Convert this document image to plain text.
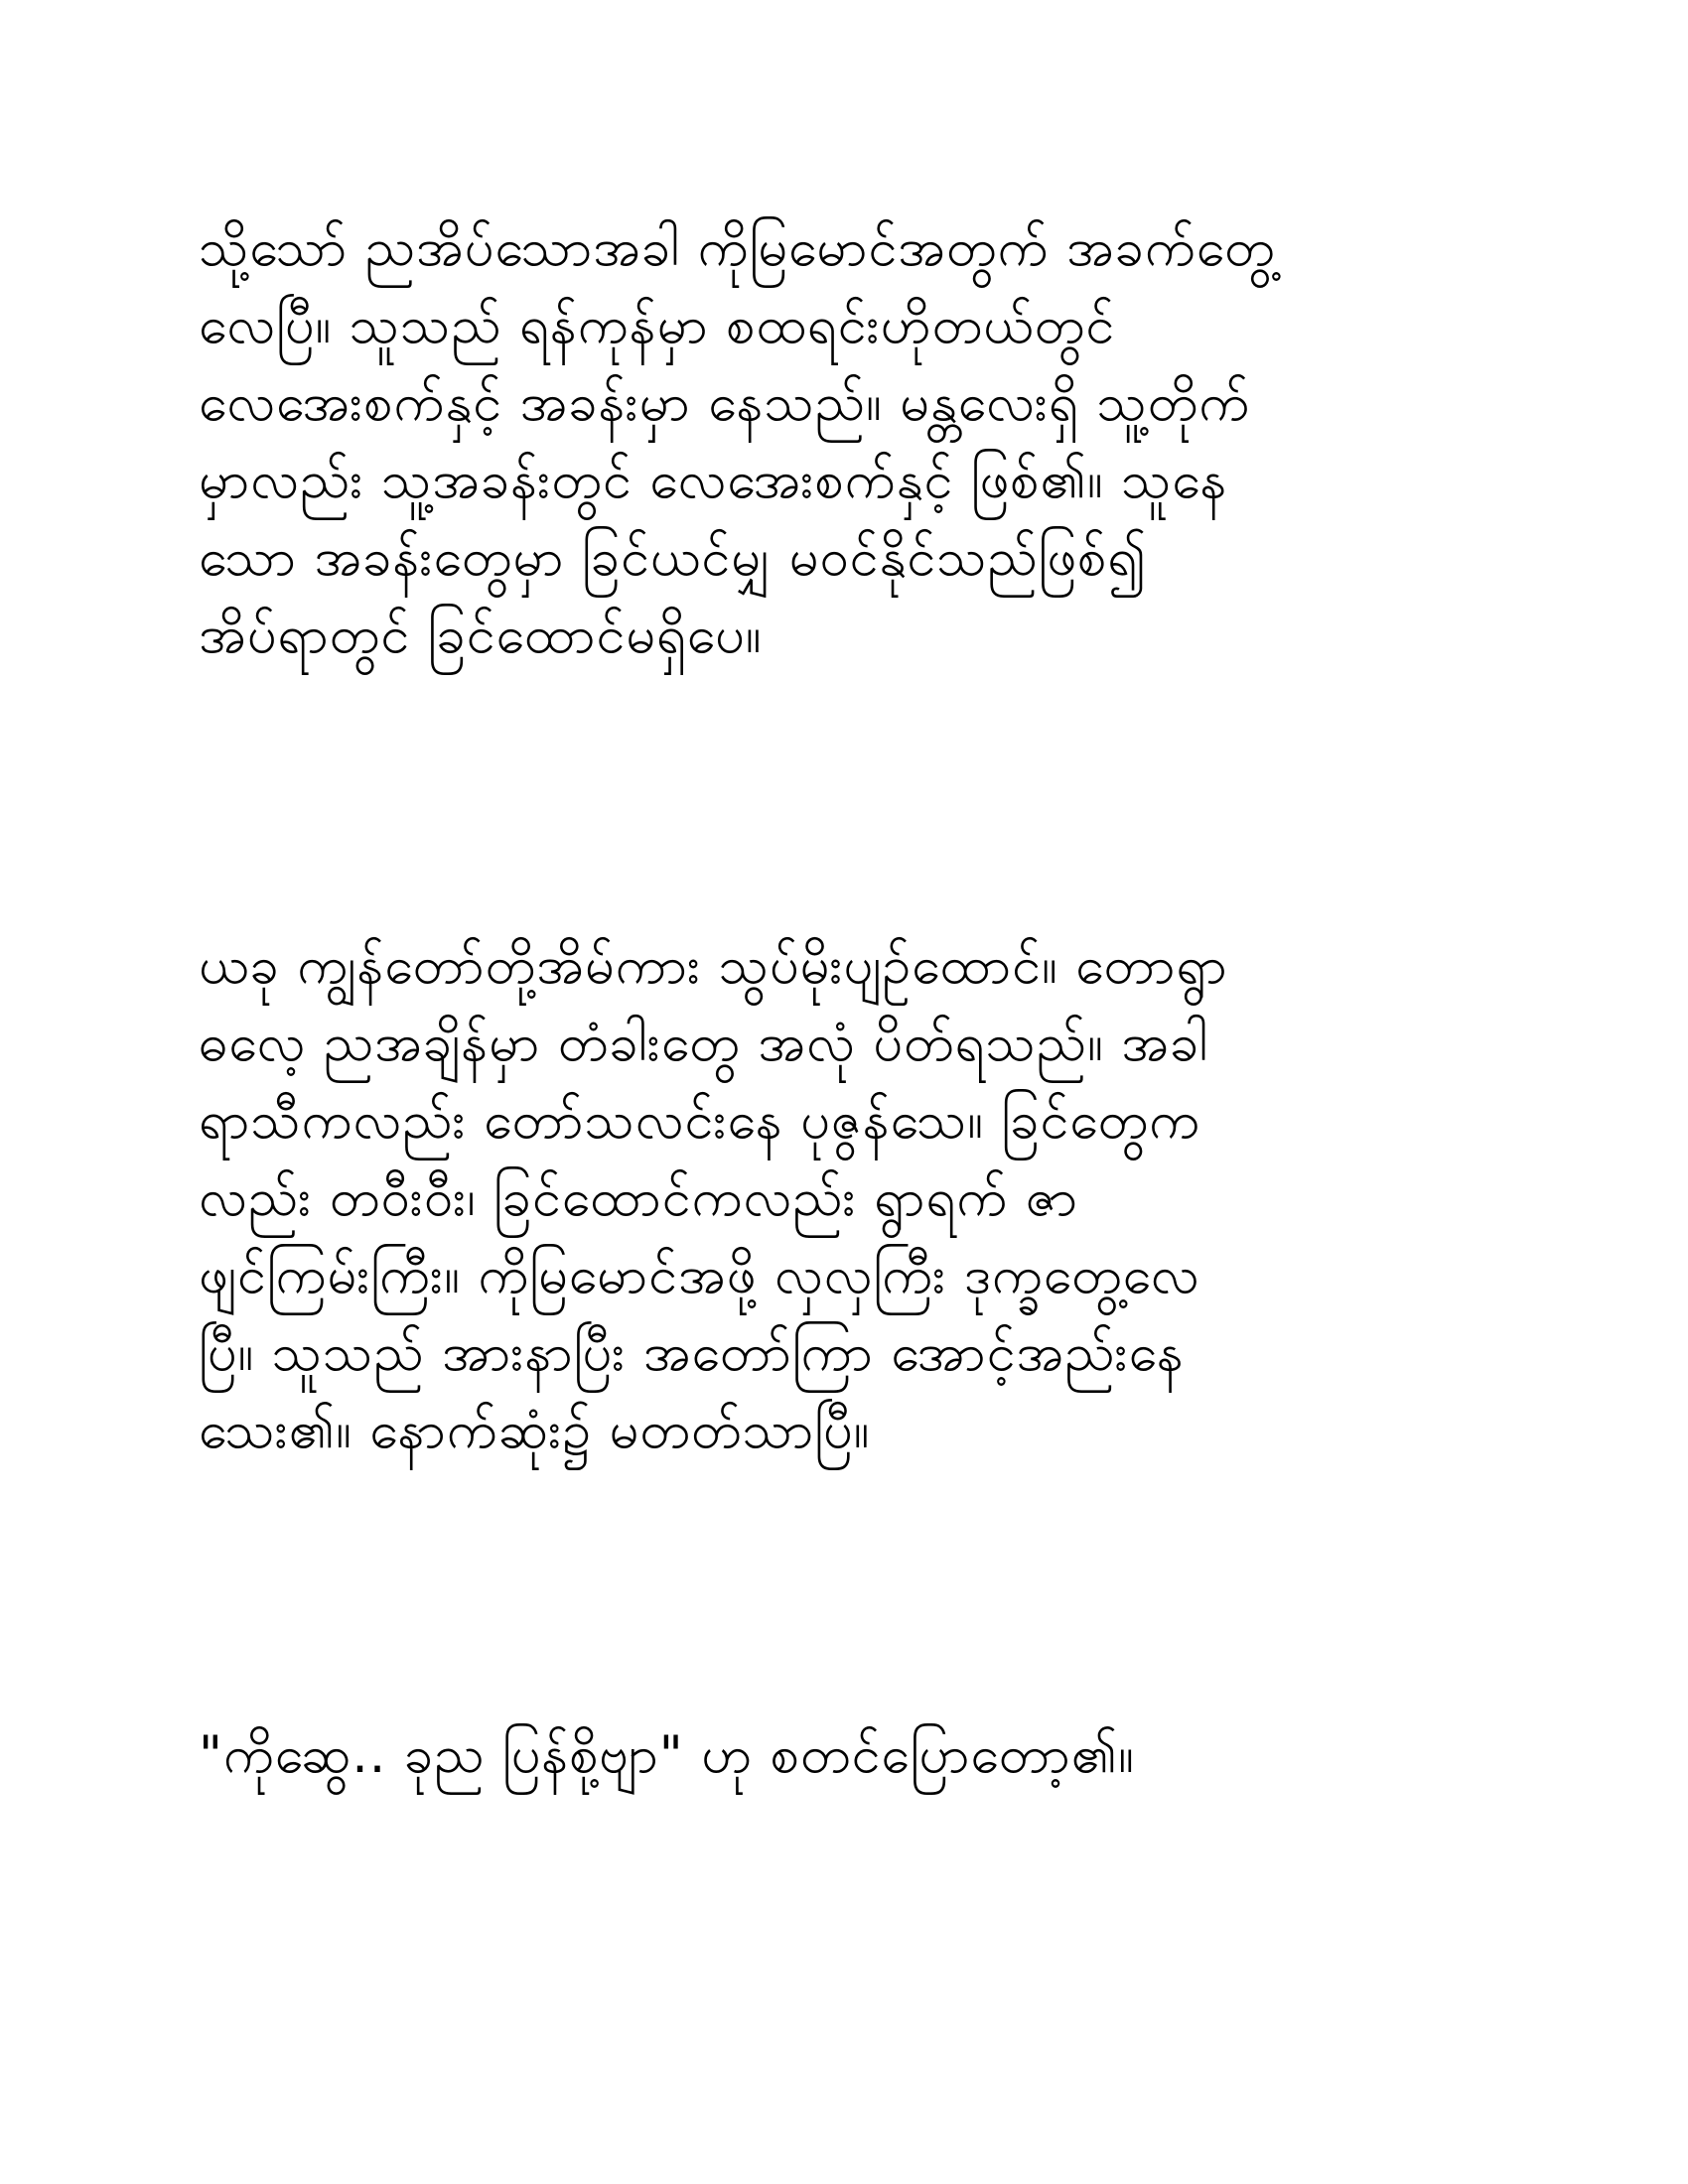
သို့သော် ညအိပ်သောအခါ ကိုမြမောင်အတွက် အခက်တွေ့
လေပြီ။ သူသည် ရန်ကုန်မှာ စထရင်းဟိုတယ်တွင်
လေအေးစက်နှင့် အခန်းမှာ နေသည်။ မန္တလေးရှိ သူ့တိုက်
မှာလည်း သူ့အခန်းတွင် လေအေးစက်နှင့် ဖြစ်၏။ သူနေ
သော အခန်းတွေမှာ ခြင်ယင်မျှ မဝင်နိုင်သည်ဖြစ်၍
အိပ်ရာတွင် ခြင်ထောင်မရှိပေ။
ယခု ကျွန်တော်တို့အိမ်ကား သွပ်မိုးပျဉ်ထောင်။ တောရွာ
ဓလေ့ ညအချိန်မှာ တံခါးတွေ အလုံ ပိတ်ရသည်။ အခါ
ရာသီကလည်း တော်သလင်းနေ ပုဇွန်သေ။ ခြင်တွေက
လည်း တဝီးဝီး၊ ခြင်ထောင်ကလည်း ရွာရက် ဇာ
ဖျင်ကြမ်းကြီး။ ကိုမြမောင်အဖို့ လှလှကြီး ဒုက္ခတွေ့လေ
ပြီ။ သူသည် အားနာပြီး အတော်ကြာ အောင့်အည်းနေ
သေး၏။ နောက်ဆုံး၌ မတတ်သာပြီ။
"ကိုဆွေ.. ခုည ပြန်စို့ဗျာ" ဟု စတင်ပြောတော့၏။
